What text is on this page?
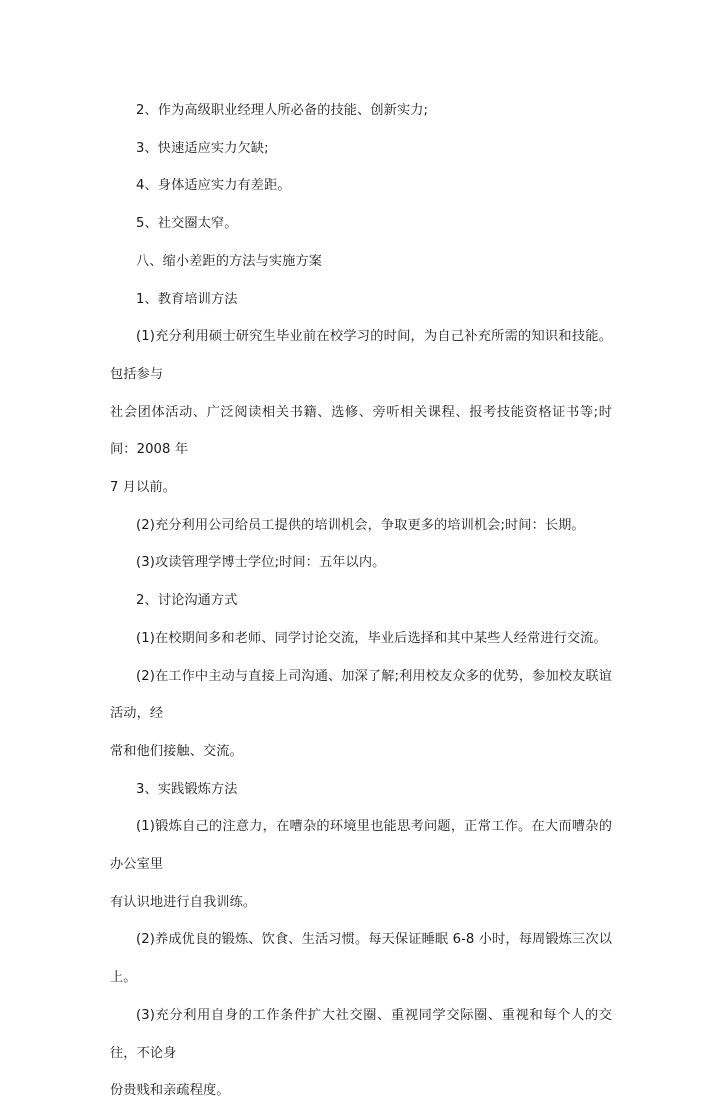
2、作为高级职业经理人所必备的技能、创新实力;

3、快速适应实力欠缺;

4、身体适应实力有差距。

5、社交圈太窄。

八、缩小差距的方法与实施方案

1、教育培训方法

(1)充分利用硕士研究生毕业前在校学习的时间，为自己补充所需的知识和技能。包括参与
社会团体活动、广泛阅读相关书籍、选修、旁听相关课程、报考技能资格证书等;时间：2008 年
7 月以前。

(2)充分利用公司给员工提供的培训机会，争取更多的培训机会;时间：长期。

(3)攻读管理学博士学位;时间：五年以内。

2、讨论沟通方式

(1)在校期间多和老师、同学讨论交流，毕业后选择和其中某些人经常进行交流。

(2)在工作中主动与直接上司沟通、加深了解;利用校友众多的优势，参加校友联谊活动，经
常和他们接触、交流。

3、实践锻炼方法

(1)锻炼自己的注意力，在嘈杂的环境里也能思考问题，正常工作。在大而嘈杂的办公室里
有认识地进行自我训练。

(2)养成优良的锻炼、饮食、生活习惯。每天保证睡眠 6-8 小时，每周锻炼三次以上。

(3)充分利用自身的工作条件扩大社交圈、重视同学交际圈、重视和每个人的交往，不论身
份贵贱和亲疏程度。
